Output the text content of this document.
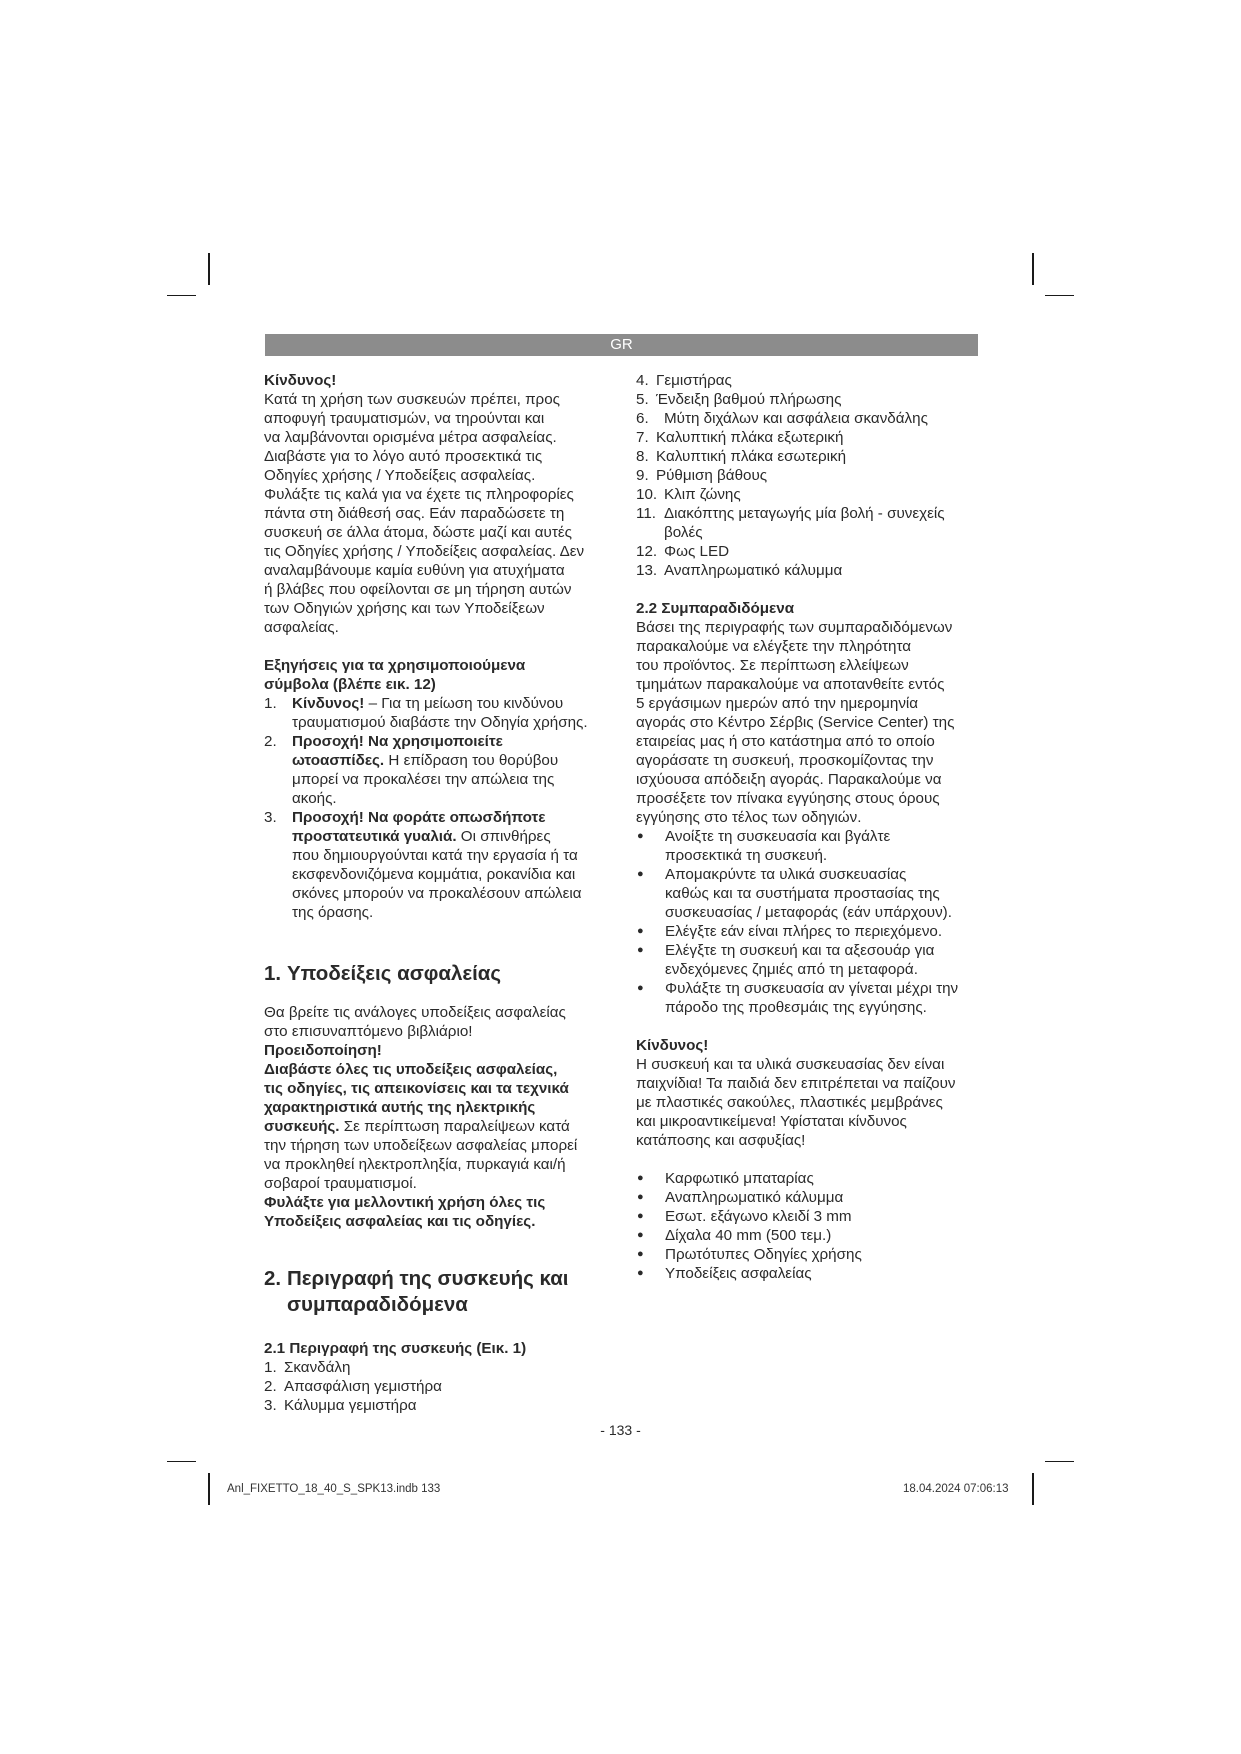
GR

Κίνδυνος!

Κατά τη χρήση των συσκευών πρέπει, προς

αποφυγή τραυματισμών, να τηρούνται και

να λαμβάνονται ορισμένα μέτρα ασφαλείας.

Διαβάστε για το λόγο αυτό προσεκτικά τις

Οδηγίες χρήσης / Υποδείξεις ασφαλείας.

Φυλάξτε τις καλά για να έχετε τις πληροφορίες

πάντα στη διάθεσή σας. Εάν παραδώσετε τη

συσκευή σε άλλα άτομα, δώστε μαζί και αυτές

τις Οδηγίες χρήσης / Υποδείξεις ασφαλείας. Δεν

αναλαμβάνουμε καμία ευθύνη για ατυχήματα

ή βλάβες που οφείλονται σε μη τήρηση αυτών

των Οδηγιών χρήσης και των Υποδείξεων

ασφαλείας.

Εξηγήσεις για τα χρησιμοποιούμενα

σύμβολα (βλέπε εικ. 12)

1.	Κίνδυνος! – Για τη μείωση του κινδύνου
τραυματισμού διαβάστε την Οδηγία χρήσης.
2.	Προσοχή! Να χρησιμοποιείτε
ωτοασπίδες. Η επίδραση του θορύβου
μπορεί να προκαλέσει την απώλεια της
ακοής.
3.	Προσοχή! Να φοράτε οπωσδήποτε
προστατευτικά γυαλιά. Οι σπινθήρες
που δημιουργούνται κατά την εργασία ή τα
εκσφενδονιζόμενα κομμάτια, ροκανίδια και
σκόνες μπορούν να προκαλέσουν απώλεια
της όρασης.
1. Υποδείξεις ασφαλείας

Θα βρείτε τις ανάλογες υποδείξεις ασφαλείας

στο επισυναπτόμενο βιβλιάριο!

Προειδοποίηση!

Διαβάστε όλες τις υποδείξεις ασφαλείας,

τις οδηγίες, τις απεικονίσεις και τα τεχνικά

χαρακτηριστικά αυτής της ηλεκτρικής

συσκευής. Σε περίπτωση παραλείψεων κατά

την τήρηση των υποδείξεων ασφαλείας μπορεί

να προκληθεί ηλεκτροπληξία, πυρκαγιά και/ή

σοβαροί τραυματισμοί.

Φυλάξτε για μελλοντική χρήση όλες τις

Υποδείξεις ασφαλείας και τις οδηγίες.

2. Περιγραφή της συσκευής και
συμπαραδιδόμενα

2.1 Περιγραφή της συσκευής (Εικ. 1)

1. Σκανδάλη
2. Απασφάλιση γεμιστήρα
3. Κάλυμμα γεμιστήρα
4. Γεμιστήρας
5. Ένδειξη βαθμού πλήρωσης
6.	Μύτη διχάλων και ασφάλεια σκανδάλης
7. Καλυπτική πλάκα εξωτερική
8. Καλυπτική πλάκα εσωτερική
9. Ρύθμιση βάθους
10. Κλιπ ζώνης
11. Διακόπτης μεταγωγής μία βολή - συνεχείς
βολές
12. Φως LED
13. Αναπληρωματικό κάλυμμα

2.2 Συμπαραδιδόμενα

Βάσει της περιγραφής των συμπαραδιδόμενων

παρακαλούμε να ελέγξετε την πληρότητα

του προϊόντος. Σε περίπτωση ελλείψεων

τμημάτων παρακαλούμε να αποτανθείτε εντός

5 εργάσιμων ημερών από την ημερομηνία

αγοράς στο Κέντρο Σέρβις (Service Center) της

εταιρείας μας ή στο κατάστημα από το οποίο

αγοράσατε τη συσκευή, προσκομίζοντας την

ισχύουσα απόδειξη αγοράς. Παρακαλούμε να

προσέξετε τον πίνακα εγγύησης στους όρους

εγγύησης στο τέλος των οδηγιών.

●	Ανοίξτε τη συσκευασία και βγάλτε
προσεκτικά τη συσκευή.
●	Απομακρύντε τα υλικά συσκευασίας
καθώς και τα συστήματα προστασίας της
συσκευασίας / μεταφοράς (εάν υπάρχουν).
●	Ελέγξτε εάν είναι πλήρες το περιεχόμενο.
●	Ελέγξτε τη συσκευή και τα αξεσουάρ για
ενδεχόμενες ζημιές από τη μεταφορά.
●	Φυλάξτε τη συσκευασία αν γίνεται μέχρι την
πάροδο της προθεσμάις της εγγύησης.

Κίνδυνος!

Η συσκευή και τα υλικά συσκευασίας δεν είναι

παιχνίδια! Τα παιδιά δεν επιτρέπεται να παίζουν

με πλαστικές σακούλες, πλαστικές μεμβράνες

και μικροαντικείμενα! Υφίσταται κίνδυνος

κατάποσης και ασφυξίας!

●	Καρφωτικό μπαταρίας
●	Αναπληρωματικό κάλυμμα
●	Εσωτ. εξάγωνο κλειδί 3 mm
●	Δίχαλα 40 mm (500 τεμ.)
●	Πρωτότυπες Οδηγίες χρήσης
●	Υποδείξεις ασφαλείας
- 133 -
Anl_FIXETTO_18_40_S_SPK13.indb 133	18.04.2024 07:06:13
